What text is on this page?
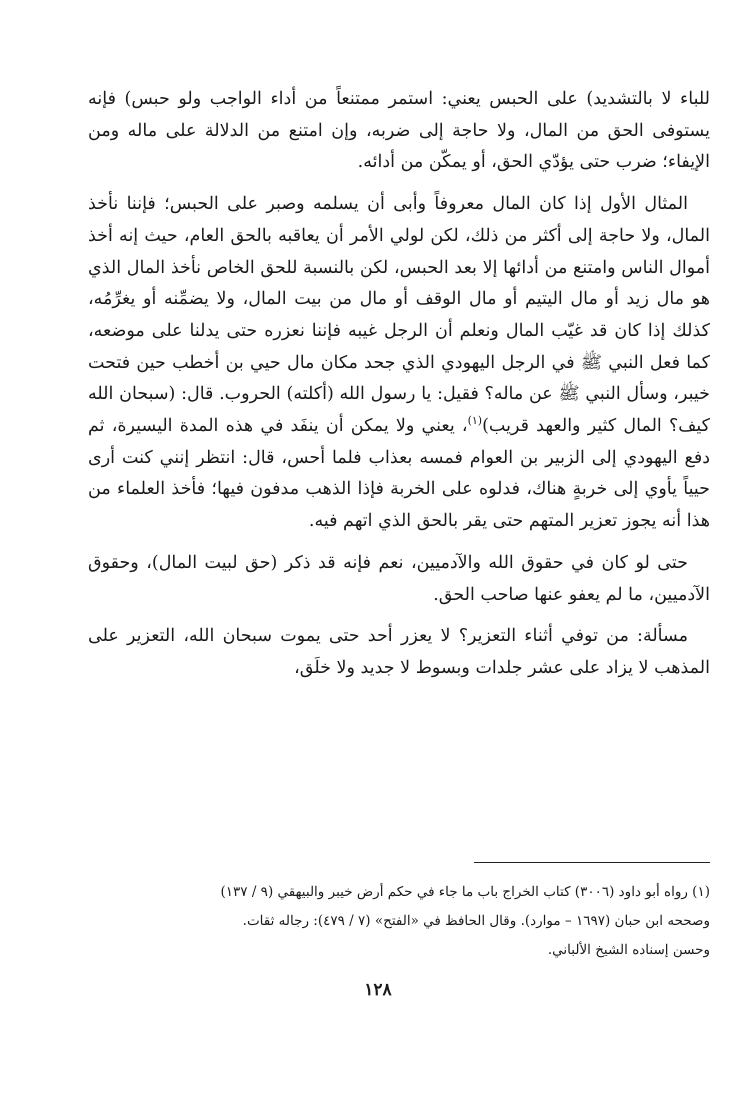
للباء لا بالتشديد) على الحبس يعني: استمر ممتنعاً من أداء الواجب ولو حبس) فإنه يستوفى الحق من المال، ولا حاجة إلى ضربه، وإن امتنع من الدلالة على ماله ومن الإيفاء؛ ضرب حتى يؤدّي الحق، أو يمكّن من أدائه.

المثال الأول إذا كان المال معروفاً وأبى أن يسلمه وصبر على الحبس؛ فإننا نأخذ المال، ولا حاجة إلى أكثر من ذلك، لكن لولي الأمر أن يعاقبه بالحق العام، حيث إنه أخذ أموال الناس وامتنع من أدائها إلا بعد الحبس، لكن بالنسبة للحق الخاص نأخذ المال الذي هو مال زيد أو مال اليتيم أو مال الوقف أو مال من بيت المال، ولا يضمِّنه أو يغرِّمُه، كذلك إذا كان قد غيّب المال ونعلم أن الرجل غيبه فإننا نعزره حتى يدلنا على موضعه، كما فعل النبي ﷺ في الرجل اليهودي الذي جحد مكان مال حيي بن أخطب حين فتحت خيبر، وسأل النبي ﷺ عن ماله؟ فقيل: يا رسول الله (أكلته) الحروب. قال: (سبحان الله كيف؟ المال كثير والعهد قريب)$^{(١)}$، يعني ولا يمكن أن ينفَد في هذه المدة اليسيرة، ثم دفع اليهودي إلى الزبير بن العوام فمسه بعذاب فلما أحس، قال: انتظر إنني كنت أرى حيياً يأوي إلى خربةٍ هناك، فدلوه على الخربة فإذا الذهب مدفون فيها؛ فأخذ العلماء من هذا أنه يجوز تعزير المتهم حتى يقر بالحق الذي اتهم فيه.

حتى لو كان في حقوق الله والآدميين، نعم فإنه قد ذكر (حق لبيت المال)، وحقوق الآدميين، ما لم يعفو عنها صاحب الحق.

مسألة: من توفي أثناء التعزير؟ لا يعزر أحد حتى يموت سبحان الله، التعزير على المذهب لا يزاد على عشر جلدات وبسوط لا جديد ولا خلَق،

(١) رواه أبو داود (٣٠٠٦) كتاب الخراج باب ما جاء في حكم أرض خيبر والبيهقي (٩ / ١٣٧)

وصححه ابن حبان (١٦٩٧ – موارد). وقال الحافظ في «الفتح» (٧ / ٤٧٩): رجاله ثقات.

وحسن إسناده الشيخ الألباني.

١٢٨
